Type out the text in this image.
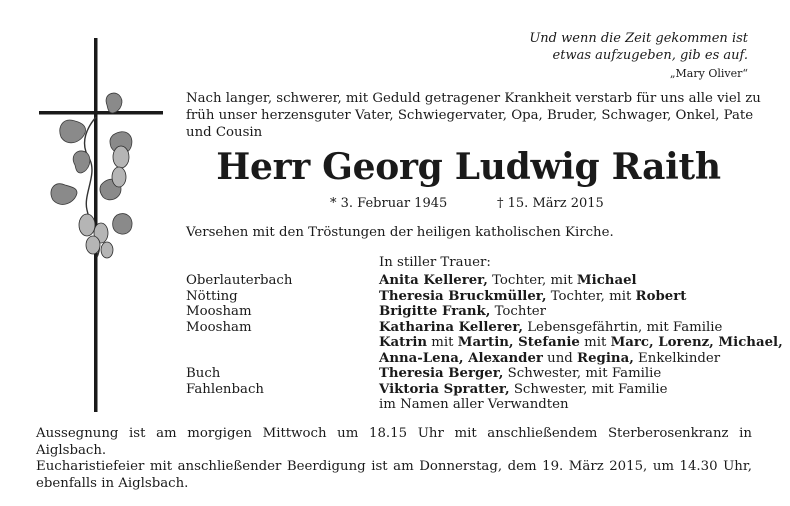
Und wenn die Zeit gekommen ist
etwas aufzugeben, gib es auf.
„Mary Oliver“
Nach langer, schwerer, mit Geduld getragener Krankheit verstarb für uns alle viel zu
früh unser herzensguter Vater, Schwiegervater, Opa, Bruder, Schwager, Onkel, Pate
und Cousin
Herr Georg Ludwig Raith
* 3. Februar 1945	† 15. März 2015
Versehen mit den Tröstungen der heiligen katholischen Kirche.
In stiller Trauer:
Oberlauterbach
Nötting
Moosham
Moosham
Buch
Fahlenbach
Anita Kellerer, Tochter, mit Michael
Theresia Bruckmüller, Tochter, mit Robert
Brigitte Frank, Tochter
Katharina Kellerer, Lebensgefährtin, mit Familie
Katrin mit Martin, Stefanie mit Marc, Lorenz, Michael,
Anna-Lena, Alexander und Regina, Enkelkinder
Theresia Berger, Schwester, mit Familie
Viktoria Spratter, Schwester, mit Familie
im Namen aller Verwandten
Aussegnung ist am morgigen Mittwoch um 18.15 Uhr mit anschließendem Sterberosenkranz in Aiglsbach.
Eucharistiefeier mit anschließender Beerdigung ist am Donnerstag, dem 19. März 2015, um 14.30 Uhr,
ebenfalls in Aiglsbach.
